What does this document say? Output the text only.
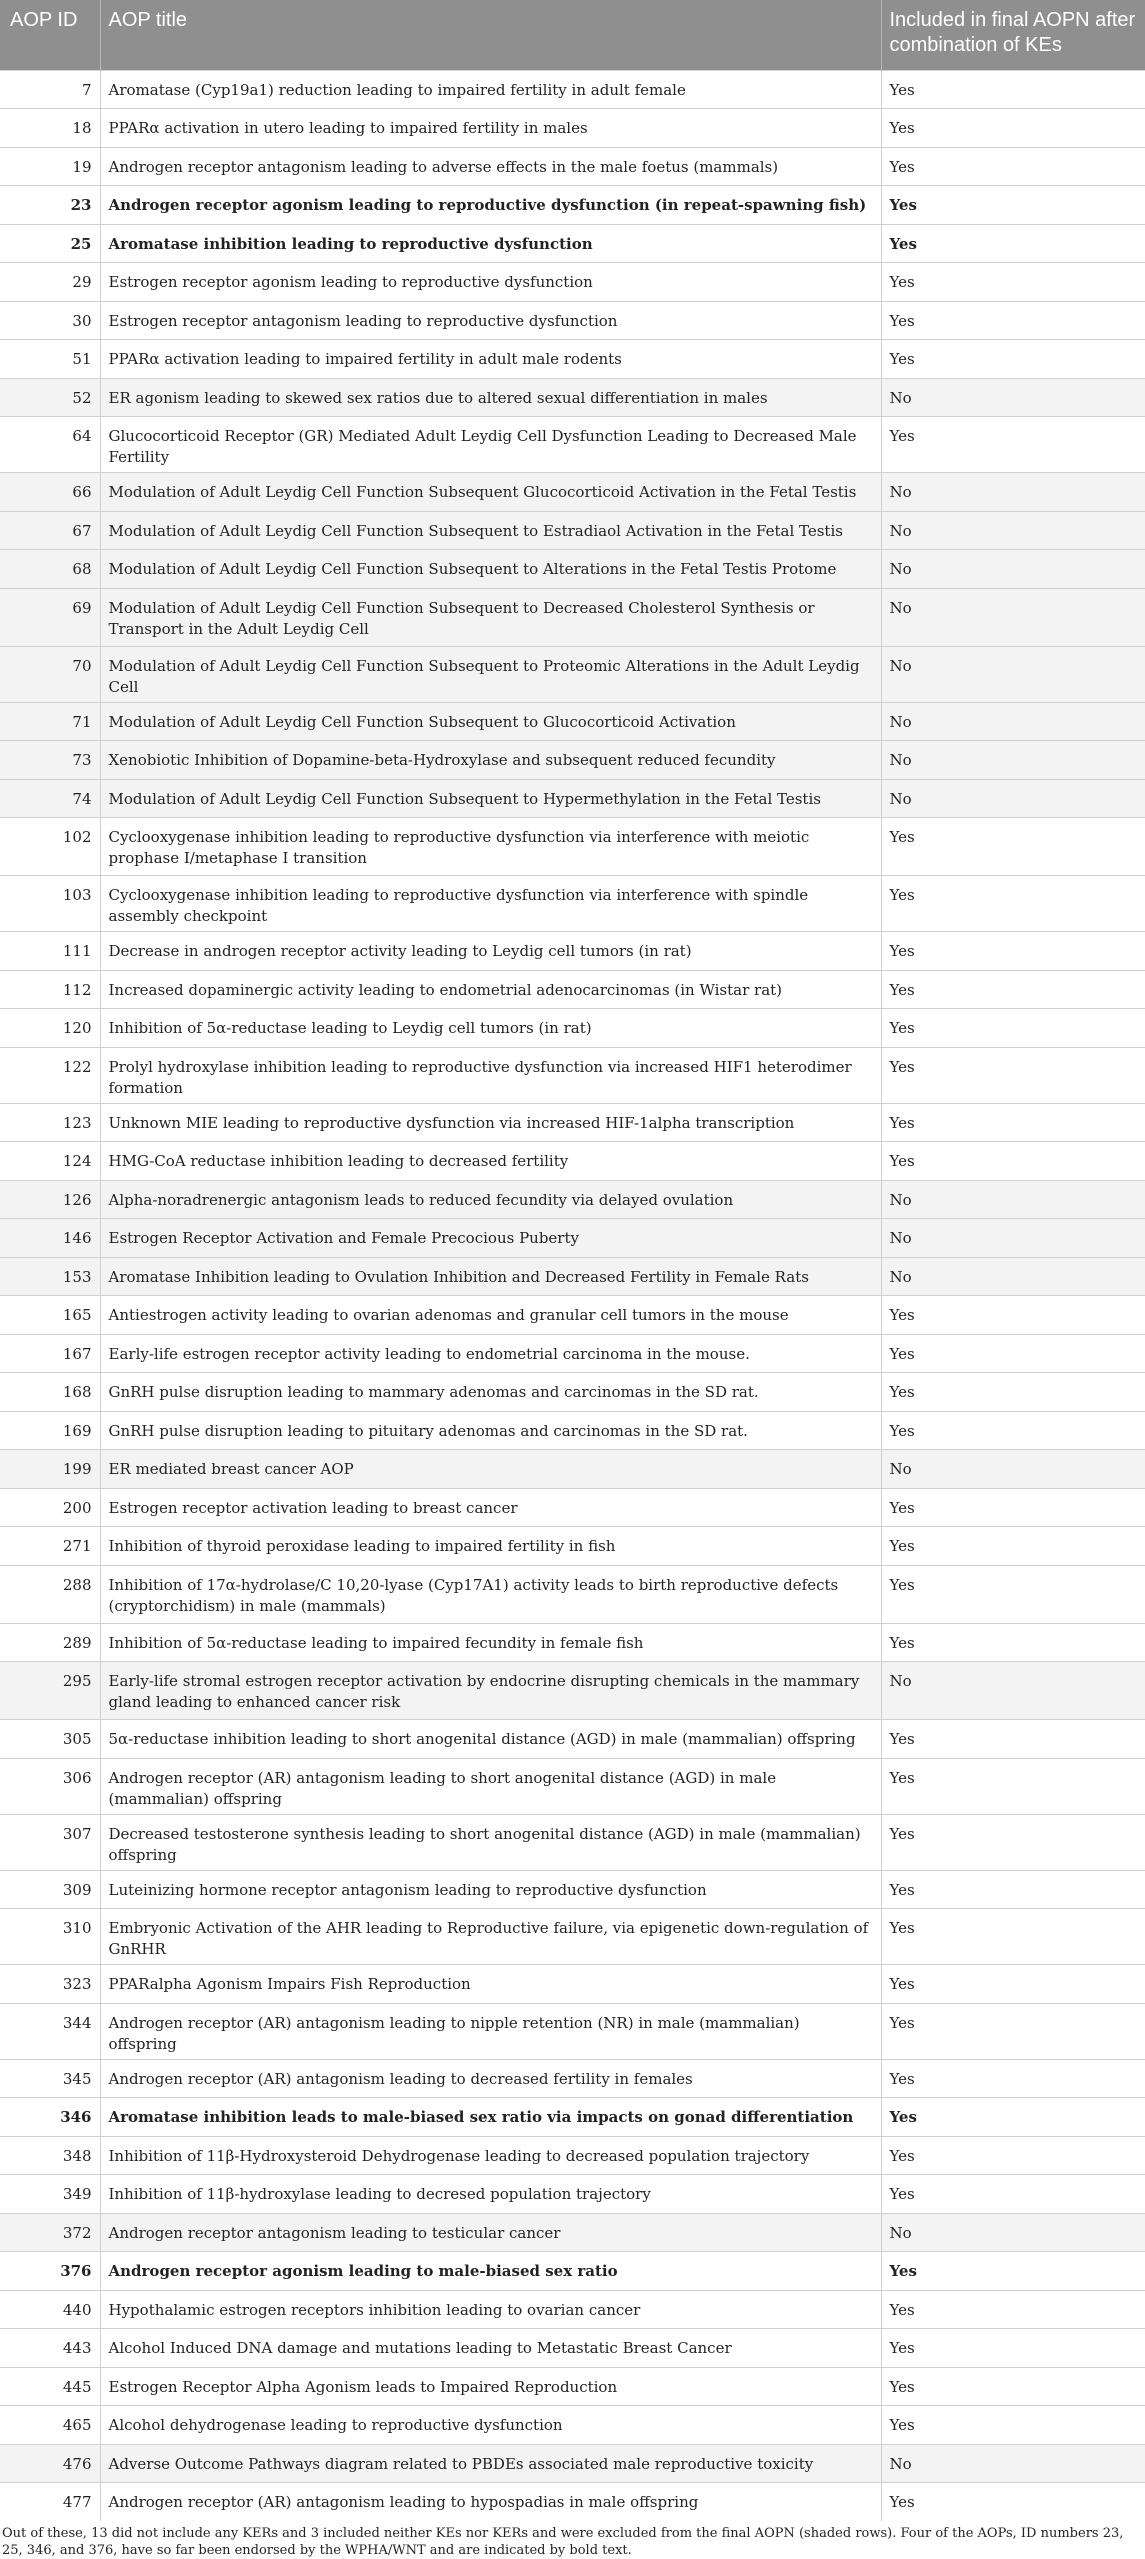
AOP ID	AOP title	Included in final AOPN after combination of KEs
7	Aromatase (Cyp19a1) reduction leading to impaired fertility in adult female	Yes
18	PPARα activation in utero leading to impaired fertility in males	Yes
19	Androgen receptor antagonism leading to adverse effects in the male foetus (mammals)	Yes
23	Androgen receptor agonism leading to reproductive dysfunction (in repeat-spawning fish)	Yes
25	Aromatase inhibition leading to reproductive dysfunction	Yes
29	Estrogen receptor agonism leading to reproductive dysfunction	Yes
30	Estrogen receptor antagonism leading to reproductive dysfunction	Yes
51	PPARα activation leading to impaired fertility in adult male rodents	Yes
52	ER agonism leading to skewed sex ratios due to altered sexual differentiation in males	No
64	Glucocorticoid Receptor (GR) Mediated Adult Leydig Cell Dysfunction Leading to Decreased Male Fertility	Yes
66	Modulation of Adult Leydig Cell Function Subsequent Glucocorticoid Activation in the Fetal Testis	No
67	Modulation of Adult Leydig Cell Function Subsequent to Estradiaol Activation in the Fetal Testis	No
68	Modulation of Adult Leydig Cell Function Subsequent to Alterations in the Fetal Testis Protome	No
69	Modulation of Adult Leydig Cell Function Subsequent to Decreased Cholesterol Synthesis or Transport in the Adult Leydig Cell	No
70	Modulation of Adult Leydig Cell Function Subsequent to Proteomic Alterations in the Adult Leydig Cell	No
71	Modulation of Adult Leydig Cell Function Subsequent to Glucocorticoid Activation	No
73	Xenobiotic Inhibition of Dopamine-beta-Hydroxylase and subsequent reduced fecundity	No
74	Modulation of Adult Leydig Cell Function Subsequent to Hypermethylation in the Fetal Testis	No
102	Cyclooxygenase inhibition leading to reproductive dysfunction via interference with meiotic prophase I/metaphase I transition	Yes
103	Cyclooxygenase inhibition leading to reproductive dysfunction via interference with spindle assembly checkpoint	Yes
111	Decrease in androgen receptor activity leading to Leydig cell tumors (in rat)	Yes
112	Increased dopaminergic activity leading to endometrial adenocarcinomas (in Wistar rat)	Yes
120	Inhibition of 5α-reductase leading to Leydig cell tumors (in rat)	Yes
122	Prolyl hydroxylase inhibition leading to reproductive dysfunction via increased HIF1 heterodimer formation	Yes
123	Unknown MIE leading to reproductive dysfunction via increased HIF-1alpha transcription	Yes
124	HMG-CoA reductase inhibition leading to decreased fertility	Yes
126	Alpha-noradrenergic antagonism leads to reduced fecundity via delayed ovulation	No
146	Estrogen Receptor Activation and Female Precocious Puberty	No
153	Aromatase Inhibition leading to Ovulation Inhibition and Decreased Fertility in Female Rats	No
165	Antiestrogen activity leading to ovarian adenomas and granular cell tumors in the mouse	Yes
167	Early-life estrogen receptor activity leading to endometrial carcinoma in the mouse.	Yes
168	GnRH pulse disruption leading to mammary adenomas and carcinomas in the SD rat.	Yes
169	GnRH pulse disruption leading to pituitary adenomas and carcinomas in the SD rat.	Yes
199	ER mediated breast cancer AOP	No
200	Estrogen receptor activation leading to breast cancer	Yes
271	Inhibition of thyroid peroxidase leading to impaired fertility in fish	Yes
288	Inhibition of 17α-hydrolase/C 10,20-lyase (Cyp17A1) activity leads to birth reproductive defects (cryptorchidism) in male (mammals)	Yes
289	Inhibition of 5α-reductase leading to impaired fecundity in female fish	Yes
295	Early-life stromal estrogen receptor activation by endocrine disrupting chemicals in the mammary gland leading to enhanced cancer risk	No
305	5α-reductase inhibition leading to short anogenital distance (AGD) in male (mammalian) offspring	Yes
306	Androgen receptor (AR) antagonism leading to short anogenital distance (AGD) in male (mammalian) offspring	Yes
307	Decreased testosterone synthesis leading to short anogenital distance (AGD) in male (mammalian) offspring	Yes
309	Luteinizing hormone receptor antagonism leading to reproductive dysfunction	Yes
310	Embryonic Activation of the AHR leading to Reproductive failure, via epigenetic down-regulation of GnRHR	Yes
323	PPARalpha Agonism Impairs Fish Reproduction	Yes
344	Androgen receptor (AR) antagonism leading to nipple retention (NR) in male (mammalian) offspring	Yes
345	Androgen receptor (AR) antagonism leading to decreased fertility in females	Yes
346	Aromatase inhibition leads to male-biased sex ratio via impacts on gonad differentiation	Yes
348	Inhibition of 11β-Hydroxysteroid Dehydrogenase leading to decreased population trajectory	Yes
349	Inhibition of 11β-hydroxylase leading to decresed population trajectory	Yes
372	Androgen receptor antagonism leading to testicular cancer	No
376	Androgen receptor agonism leading to male-biased sex ratio	Yes
440	Hypothalamic estrogen receptors inhibition leading to ovarian cancer	Yes
443	Alcohol Induced DNA damage and mutations leading to Metastatic Breast Cancer	Yes
445	Estrogen Receptor Alpha Agonism leads to Impaired Reproduction	Yes
465	Alcohol dehydrogenase leading to reproductive dysfunction	Yes
476	Adverse Outcome Pathways diagram related to PBDEs associated male reproductive toxicity	No
477	Androgen receptor (AR) antagonism leading to hypospadias in male offspring	Yes
Out of these, 13 did not include any KERs and 3 included neither KEs nor KERs and were excluded from the final AOPN (shaded rows). Four of the AOPs, ID numbers 23, 25, 346, and 376, have so far been endorsed by the WPHA/WNT and are indicated by bold text.
